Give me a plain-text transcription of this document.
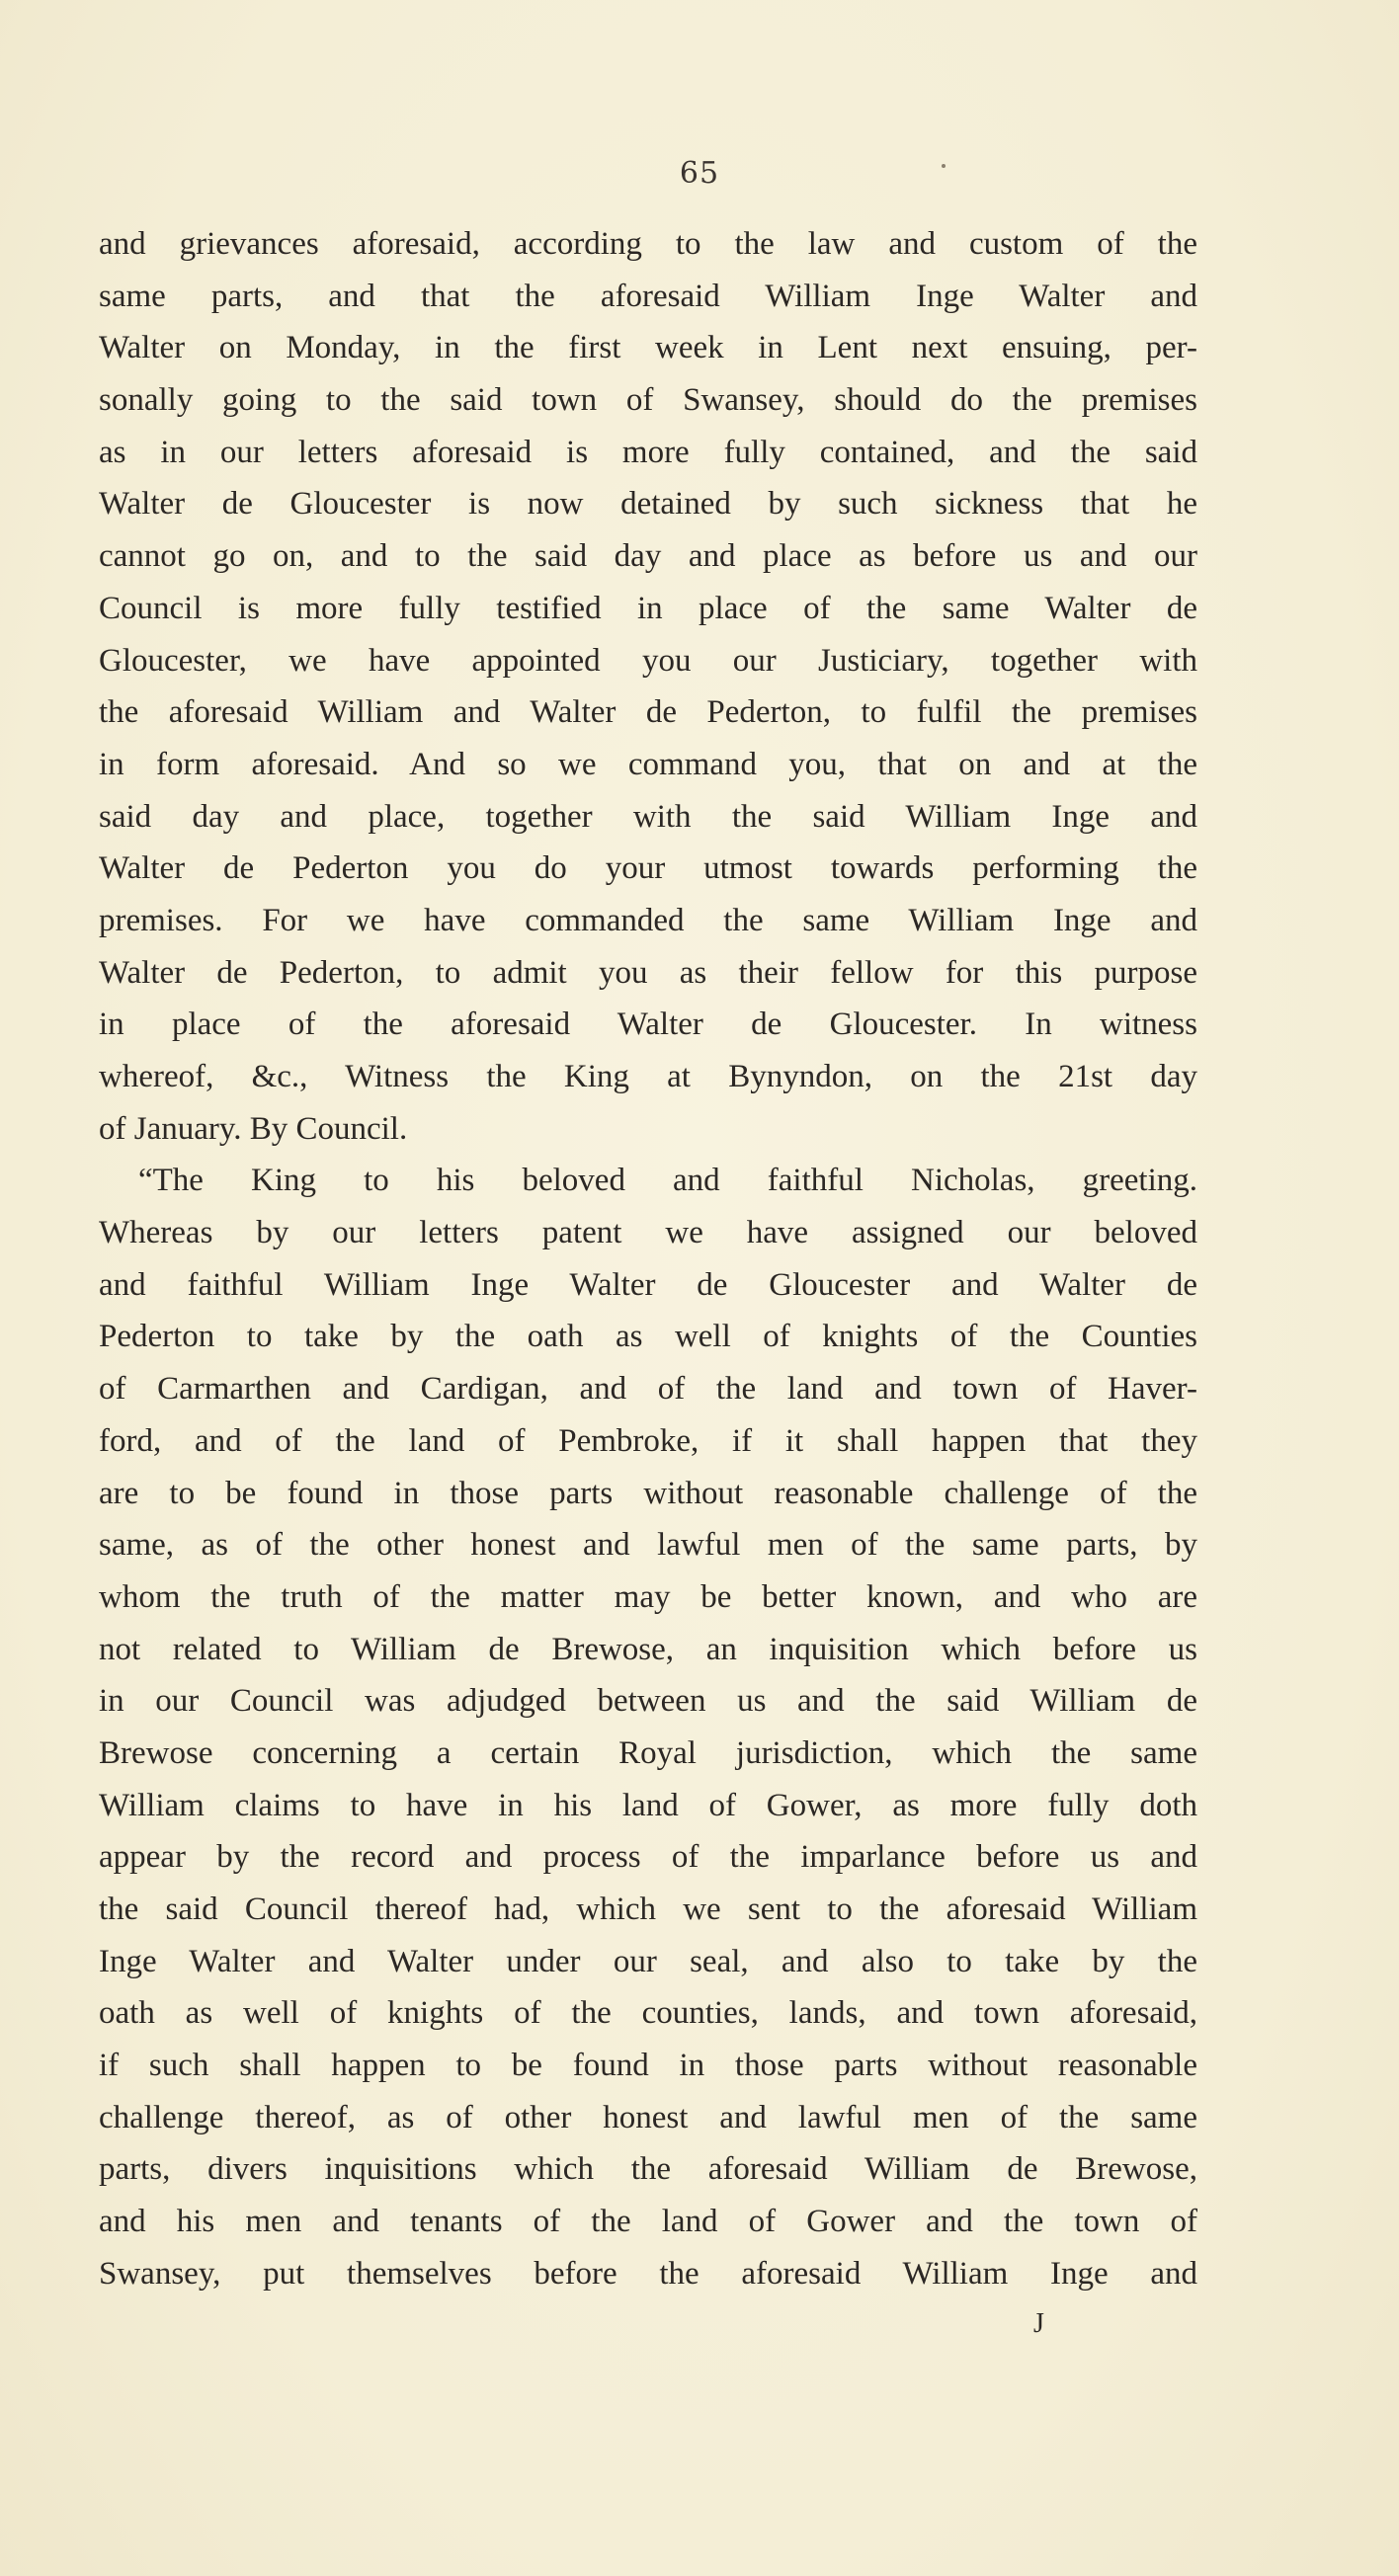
65
and grievances aforesaid, according to the law and custom of the
same parts, and that the aforesaid William Inge Walter and
Walter on Monday, in the first week in Lent next ensuing, per-
sonally going to the said town of Swansey, should do the premises
as in our letters aforesaid is more fully contained, and the said
Walter de Gloucester is now detained by such sickness that he
cannot go on, and to the said day and place as before us and our
Council is more fully testified in place of the same Walter de
Gloucester, we have appointed you our Justiciary, together with
the aforesaid William and Walter de Pederton, to fulfil the premises
in form aforesaid. And so we command you, that on and at the
said day and place, together with the said William Inge and
Walter de Pederton you do your utmost towards performing the
premises. For we have commanded the same William Inge and
Walter de Pederton, to admit you as their fellow for this purpose
in place of the aforesaid Walter de Gloucester. In witness
whereof, &c., Witness the King at Bynyndon, on the 21st day
of January. By Council.
“The King to his beloved and faithful Nicholas, greeting.
Whereas by our letters patent we have assigned our beloved
and faithful William Inge Walter de Gloucester and Walter de
Pederton to take by the oath as well of knights of the Counties
of Carmarthen and Cardigan, and of the land and town of Haver-
ford, and of the land of Pembroke, if it shall happen that they
are to be found in those parts without reasonable challenge of the
same, as of the other honest and lawful men of the same parts, by
whom the truth of the matter may be better known, and who are
not related to William de Brewose, an inquisition which before us
in our Council was adjudged between us and the said William de
Brewose concerning a certain Royal jurisdiction, which the same
William claims to have in his land of Gower, as more fully doth
appear by the record and process of the imparlance before us and
the said Council thereof had, which we sent to the aforesaid William
Inge Walter and Walter under our seal, and also to take by the
oath as well of knights of the counties, lands, and town aforesaid,
if such shall happen to be found in those parts without reasonable
challenge thereof, as of other honest and lawful men of the same
parts, divers inquisitions which the aforesaid William de Brewose,
and his men and tenants of the land of Gower and the town of
Swansey, put themselves before the aforesaid William Inge and
J
